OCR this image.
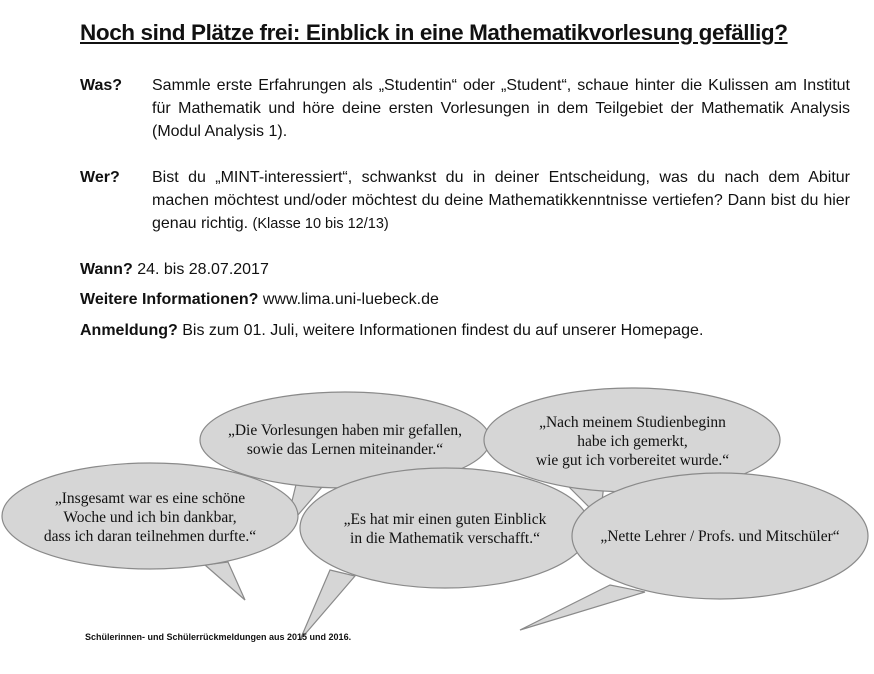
Noch sind Plätze frei: Einblick in eine Mathematikvorlesung gefällig?
Was? Sammle erste Erfahrungen als „Studentin“ oder „Student“, schaue hinter die Kulissen am Institut für Mathematik und höre deine ersten Vorlesungen in dem Teilgebiet der Mathematik Analysis (Modul Analysis 1).
Wer? Bist du „MINT-interessiert“, schwankst du in deiner Entscheidung, was du nach dem Abitur machen möchtest und/oder möchtest du deine Mathematikkenntnisse vertiefen? Dann bist du hier genau richtig. (Klasse 10 bis 12/13)
Wann? 24. bis 28.07.2017
Weitere Informationen? www.lima.uni-luebeck.de
Anmeldung? Bis zum 01. Juli, weitere Informationen findest du auf unserer Homepage.
„Die Vorlesungen haben mir gefallen,
sowie das Lernen miteinander.“
„Nach meinem Studienbeginn
habe ich gemerkt,
wie gut ich vorbereitet wurde.“
„Insgesamt war es eine schöne
Woche und ich bin dankbar,
dass ich daran teilnehmen durfte.“
„Es hat mir einen guten Einblick
in die Mathematik verschafft.“	„Nette Lehrer / Profs. und Mitschüler“
Schülerinnen- und Schülerrückmeldungen aus 2015 und 2016.
